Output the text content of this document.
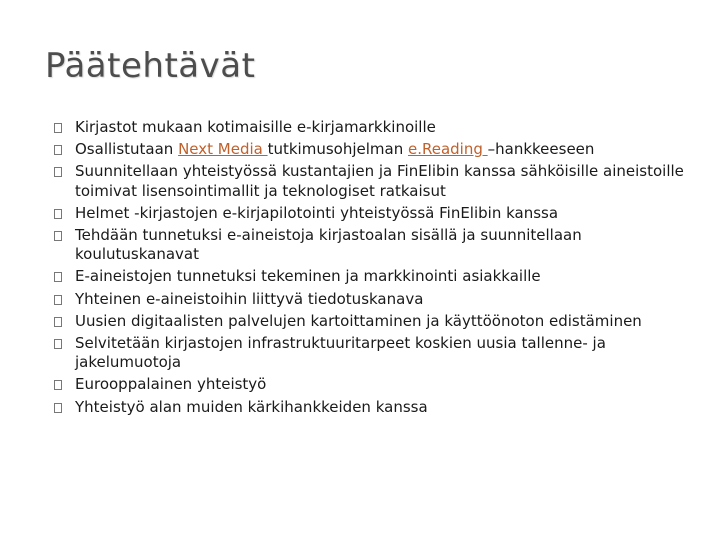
Päätehtävät
Kirjastot mukaan kotimaisille e-kirjamarkkinoille
Osallistutaan Next Media tutkimusohjelman e.Reading –hankkeeseen
Suunnitellaan yhteistyössä kustantajien ja FinElibin kanssa sähköisille aineistoille toimivat lisensointimallit ja teknologiset ratkaisut
Helmet -kirjastojen e-kirjapilotointi yhteistyössä FinElibin kanssa
Tehdään tunnetuksi e-aineistoja kirjastoalan sisällä ja suunnitellaan koulutuskanavat
E-aineistojen tunnetuksi tekeminen ja markkinointi asiakkaille
Yhteinen e-aineistoihin liittyvä tiedotuskanava
Uusien digitaalisten palvelujen kartoittaminen ja käyttöönoton edistäminen
Selvitetään kirjastojen infrastruktuuritarpeet koskien uusia tallenne- ja jakelumuotoja
Eurooppalainen yhteistyö
Yhteistyö alan muiden kärkihankkeiden kanssa
